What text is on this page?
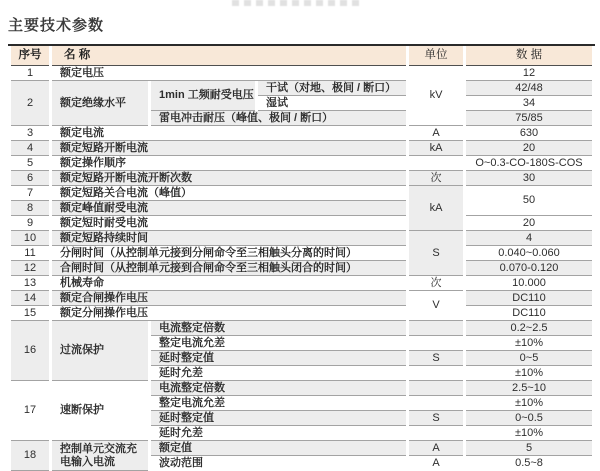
主要技术参数
序号	名 称			单位	数 据
1	额定电压			kV	12
2	额定绝缘水平	1min 工频耐受电压	干试（对地、极间 / 断口）		42/48
			湿试		34
		雷电冲击耐压（峰值、极间 / 断口）			75/85
3	额定电流			A	630
4	额定短路开断电流			kA	20
5	额定操作顺序				O~0.3-CO-180S-COS
6	额定短路开断电流开断次数			次	30
7	额定短路关合电流（峰值）			kA	50
8	额定峰值耐受电流				
9	额定短时耐受电流				20
10	额定短路持续时间			S	4
11	分闸时间（从控制单元接到分闸命令至三相触头分离的时间）				0.040~0.060
12	合闸时间（从控制单元接到合闸命令至三相触头闭合的时间）				0.070-0.120
13	机械寿命			次	10.000
14	额定合闸操作电压			V	DC110
15	额定分闸操作电压				DC110
16	过流保护	电流整定倍数			0.2~2.5
		整定电流允差			±10%
		延时整定值		S	0~5
		延时允差			±10%
17	速断保护	电流整定倍数			2.5~10
		整定电流允差			±10%
		延时整定值		S	0~0.5
		延时允差			±10%
18	控制单元交流充电输入电流	额定值		A	5
		波动范围		A	0.5~8
